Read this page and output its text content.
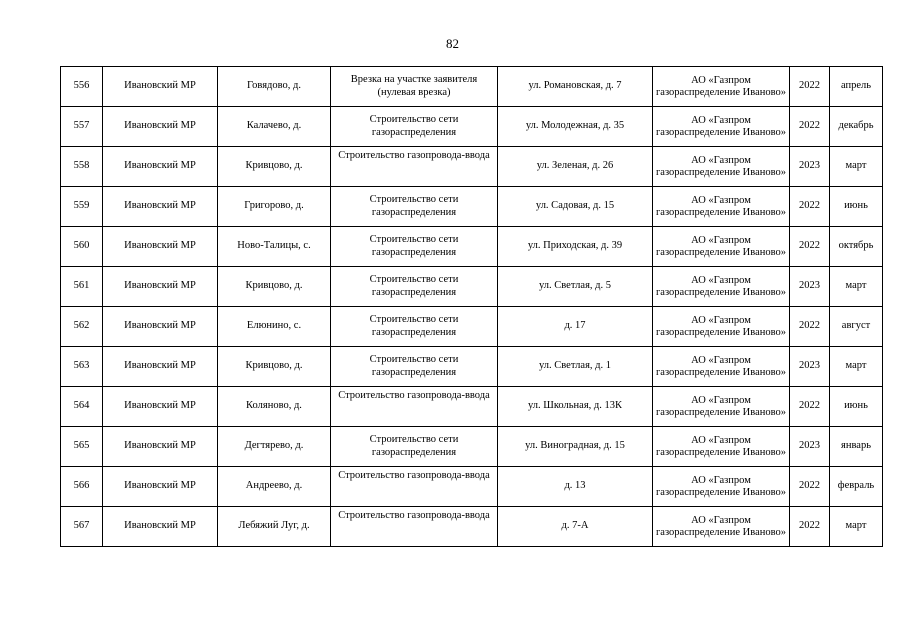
82
556	Ивановский МР	Говядово, д.	Врезка на участке заявителя (нулевая врезка)	ул. Романовская, д. 7	АО «Газпром газораспределение Иваново»	2022	апрель
557	Ивановский МР	Калачево, д.	Строительство сети газораспределения	ул. Молодежная, д. 35	АО «Газпром газораспределение Иваново»	2022	декабрь
558	Ивановский МР	Кривцово, д.	Строительство газопровода-ввода	ул. Зеленая, д. 26	АО «Газпром газораспределение Иваново»	2023	март
559	Ивановский МР	Григорово, д.	Строительство сети газораспределения	ул. Садовая, д. 15	АО «Газпром газораспределение Иваново»	2022	июнь
560	Ивановский МР	Ново-Талицы, с.	Строительство сети газораспределения	ул. Приходская, д. 39	АО «Газпром газораспределение Иваново»	2022	октябрь
561	Ивановский МР	Кривцово, д.	Строительство сети газораспределения	ул. Светлая, д. 5	АО «Газпром газораспределение Иваново»	2023	март
562	Ивановский МР	Елюнино, с.	Строительство сети газораспределения	д. 17	АО «Газпром газораспределение Иваново»	2022	август
563	Ивановский МР	Кривцово, д.	Строительство сети газораспределения	ул. Светлая, д. 1	АО «Газпром газораспределение Иваново»	2023	март
564	Ивановский МР	Коляново, д.	Строительство газопровода-ввода	ул. Школьная, д. 13К	АО «Газпром газораспределение Иваново»	2022	июнь
565	Ивановский МР	Дегтярево, д.	Строительство сети газораспределения	ул. Виноградная, д. 15	АО «Газпром газораспределение Иваново»	2023	январь
566	Ивановский МР	Андреево, д.	Строительство газопровода-ввода	д. 13	АО «Газпром газораспределение Иваново»	2022	февраль
567	Ивановский МР	Лебяжий Луг, д.	Строительство газопровода-ввода	д. 7-А	АО «Газпром газораспределение Иваново»	2022	март
